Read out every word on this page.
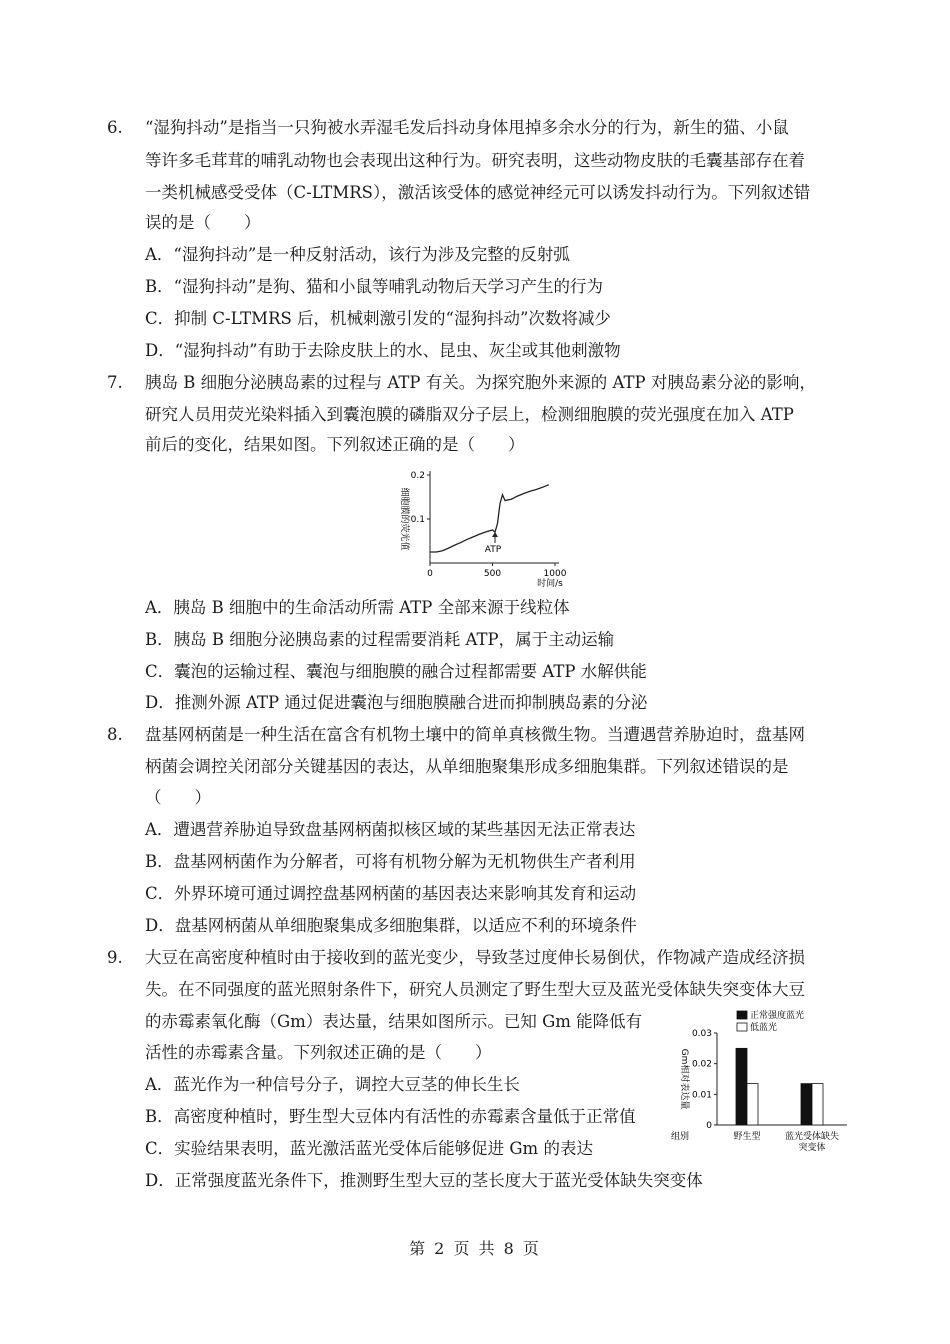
6. “湿狗抖动”是指当一只狗被水弄湿毛发后抖动身体甩掉多余水分的行为，新生的猫、小鼠
等许多毛茸茸的哺乳动物也会表现出这种行为。研究表明，这些动物皮肤的毛囊基部存在着
一类机械感受受体（C-LTMRS），激活该受体的感觉神经元可以诱发抖动行为。下列叙述错
误的是（　　）
A．“湿狗抖动”是一种反射活动，该行为涉及完整的反射弧
B．“湿狗抖动”是狗、猫和小鼠等哺乳动物后天学习产生的行为
C．抑制 C-LTMRS 后，机械刺激引发的“湿狗抖动”次数将减少
D．“湿狗抖动”有助于去除皮肤上的水、昆虫、灰尘或其他刺激物
7. 胰岛 B 细胞分泌胰岛素的过程与 ATP 有关。为探究胞外来源的 ATP 对胰岛素分泌的影响，
研究人员用荧光染料插入到囊泡膜的磷脂双分子层上，检测细胞膜的荧光强度在加入 ATP
前后的变化，结果如图。下列叙述正确的是（　　）
0	500	1000
0.1
0.2
时间/s
细胞膜的荧光值	ATP
A．胰岛 B 细胞中的生命活动所需 ATP 全部来源于线粒体
B．胰岛 B 细胞分泌胰岛素的过程需要消耗 ATP，属于主动运输
C．囊泡的运输过程、囊泡与细胞膜的融合过程都需要 ATP 水解供能
D．推测外源 ATP 通过促进囊泡与细胞膜融合进而抑制胰岛素的分泌
8. 盘基网柄菌是一种生活在富含有机物土壤中的简单真核微生物。当遭遇营养胁迫时，盘基网
柄菌会调控关闭部分关键基因的表达，从单细胞聚集形成多细胞集群。下列叙述错误的是
（　　）
A．遭遇营养胁迫导致盘基网柄菌拟核区域的某些基因无法正常表达
B．盘基网柄菌作为分解者，可将有机物分解为无机物供生产者利用
C．外界环境可通过调控盘基网柄菌的基因表达来影响其发育和运动
D．盘基网柄菌从单细胞聚集成多细胞集群，以适应不利的环境条件
9. 大豆在高密度种植时由于接收到的蓝光变少，导致茎过度伸长易倒伏，作物减产造成经济损
失。在不同强度的蓝光照射条件下，研究人员测定了野生型大豆及蓝光受体缺失突变体大豆
的赤霉素氧化酶（Gm）表达量，结果如图所示。已知 Gm 能降低有
活性的赤霉素含量。下列叙述正确的是（　　）
A．蓝光作为一种信号分子，调控大豆茎的伸长生长
B．高密度种植时，野生型大豆体内有活性的赤霉素含量低于正常值
C．实验结果表明，蓝光激活蓝光受体后能够促进 Gm 的表达
D．正常强度蓝光条件下，推测野生型大豆的茎长度大于蓝光受体缺失突变体
0
0.01
0.02
0.03
Gm相对表达量
组别	野生型	蓝光受体缺失
突变体
正常强度蓝光
低蓝光
第 2 页 共 8 页
